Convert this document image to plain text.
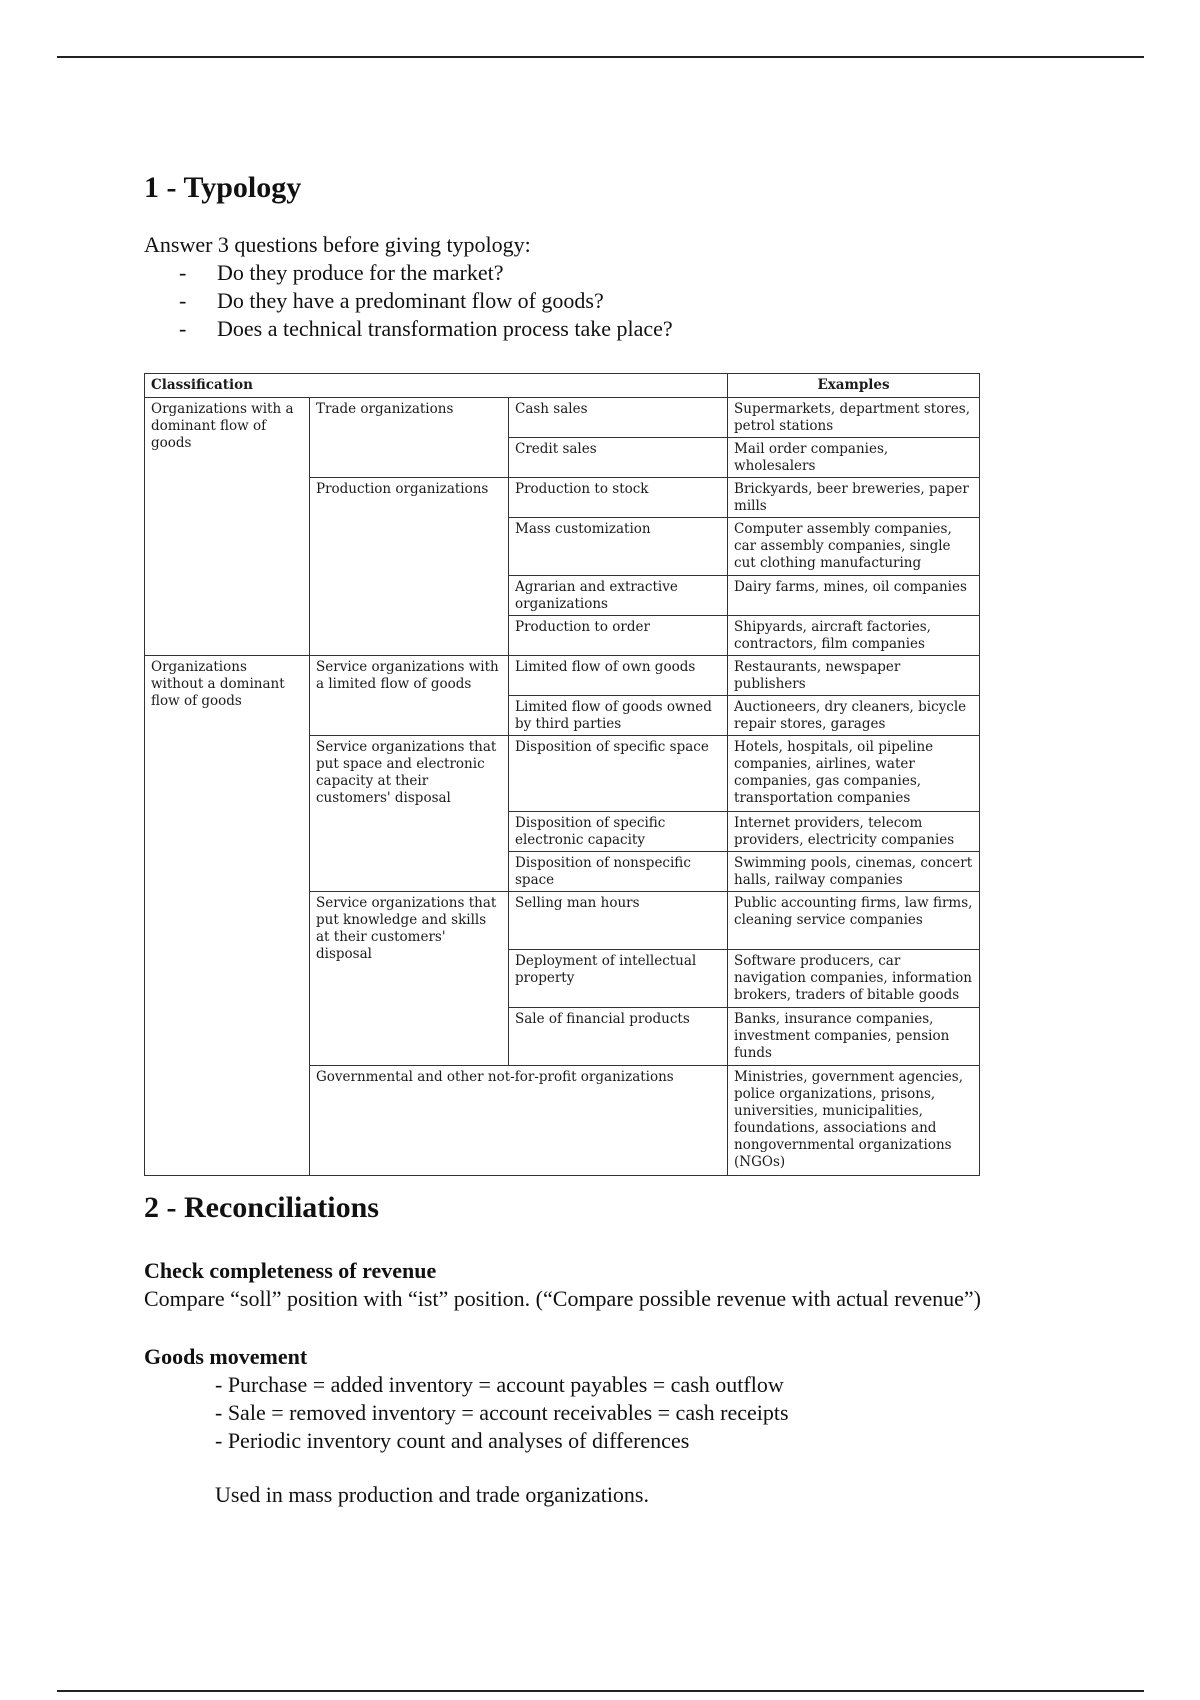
1 - Typology

Answer 3 questions before giving typology:

- Do they produce for the market?
- Do they have a predominant flow of goods?
- Does a technical transformation process take place?
Classification			Examples
Organizations with a dominant flow of goods	Trade organizations	Cash sales	Supermarkets, department stores, petrol stations
		Credit sales	Mail order companies, wholesalers
	Production organizations	Production to stock	Brickyards, beer breweries, paper mills
		Mass customization	Computer assembly companies, car assembly companies, single cut clothing manufacturing
		Agrarian and extractive organizations	Dairy farms, mines, oil companies
		Production to order	Shipyards, aircraft factories, contractors, film companies
Organizations without a dominant flow of goods	Service organizations with a limited flow of goods	Limited flow of own goods	Restaurants, newspaper publishers
		Limited flow of goods owned by third parties	Auctioneers, dry cleaners, bicycle repair stores, garages
	Service organizations that put space and electronic capacity at their customers' disposal	Disposition of specific space	Hotels, hospitals, oil pipeline companies, airlines, water companies, gas companies, transportation companies
		Disposition of specific electronic capacity	Internet providers, telecom providers, electricity companies
		Disposition of nonspecific space	Swimming pools, cinemas, concert halls, railway companies
	Service organizations that put knowledge and skills at their customers' disposal	Selling man hours	Public accounting firms, law firms, cleaning service companies
		Deployment of intellectual property	Software producers, car navigation companies, information brokers, traders of bitable goods
		Sale of financial products	Banks, insurance companies, investment companies, pension funds
	Governmental and other not-for-profit organizations		Ministries, government agencies, police organizations, prisons, universities, municipalities, foundations, associations and nongovernmental organizations (NGOs)
2 - Reconciliations
Check completeness of revenue

Compare “soll” position with “ist” position. (“Compare possible revenue with actual revenue”)

Goods movement

- Purchase = added inventory = account payables = cash outflow

- Sale = removed inventory = account receivables = cash receipts

- Periodic inventory count and analyses of differences

Used in mass production and trade organizations.
